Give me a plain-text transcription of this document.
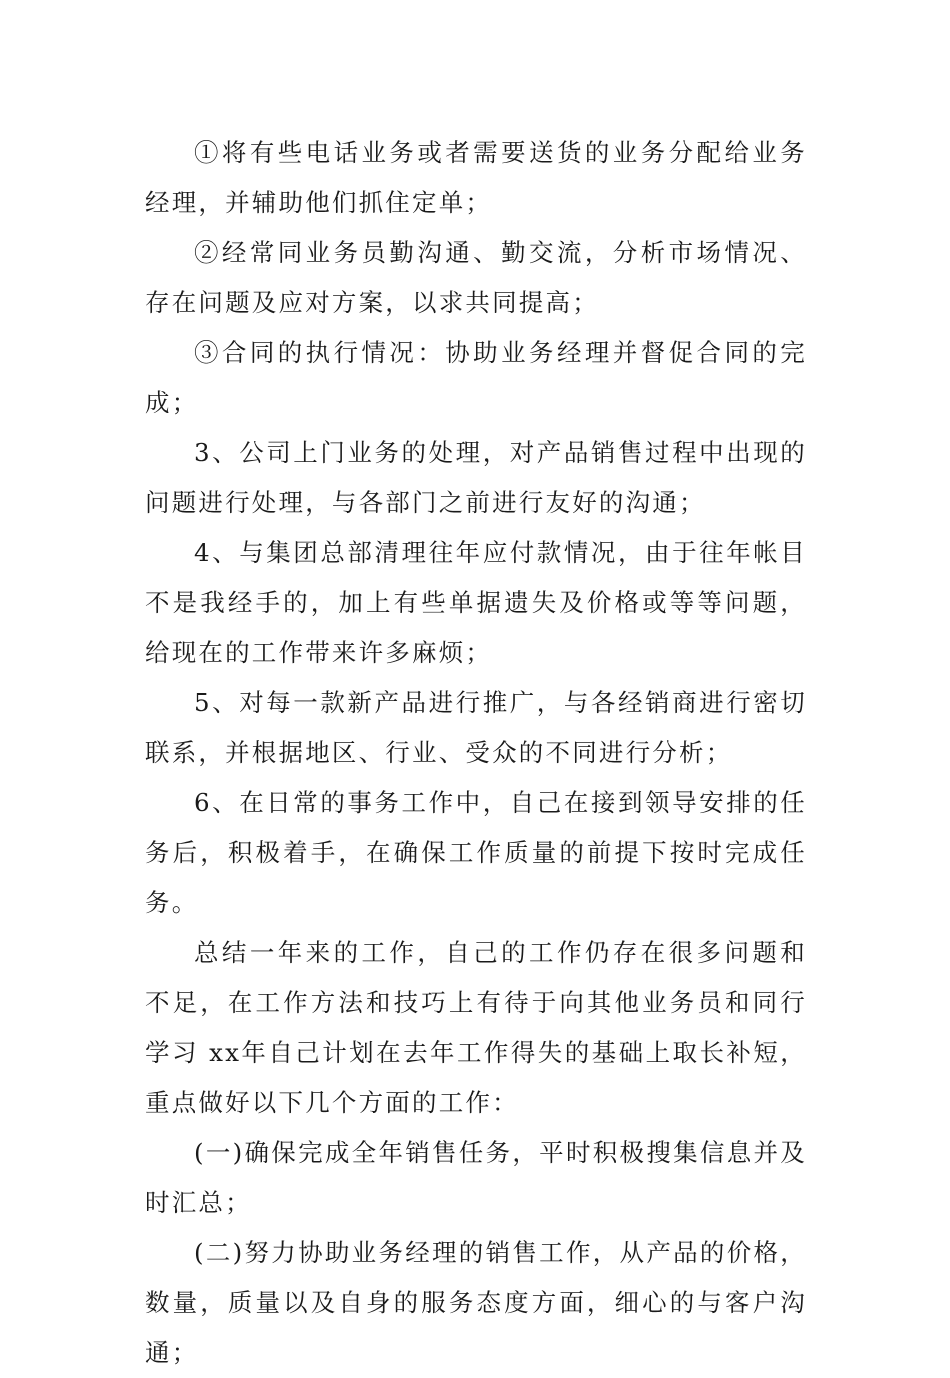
①将有些电话业务或者需要送货的业务分配给业务经理，并辅助他们抓住定单；

②经常同业务员勤沟通、勤交流，分析市场情况、存在问题及应对方案，以求共同提高；

③合同的执行情况：协助业务经理并督促合同的完成；

3、公司上门业务的处理，对产品销售过程中出现的问题进行处理，与各部门之前进行友好的沟通；

4、与集团总部清理往年应付款情况，由于往年帐目不是我经手的，加上有些单据遗失及价格或等等问题，给现在的工作带来许多麻烦；

5、对每一款新产品进行推广，与各经销商进行密切联系，并根据地区、行业、受众的不同进行分析；

6、在日常的事务工作中，自己在接到领导安排的任务后，积极着手，在确保工作质量的前提下按时完成任务。

总结一年来的工作，自己的工作仍存在很多问题和不足，在工作方法和技巧上有待于向其他业务员和同行学习 xx年自己计划在去年工作得失的基础上取长补短，重点做好以下几个方面的工作：

(一)确保完成全年销售任务，平时积极搜集信息并及时汇总；

(二)努力协助业务经理的销售工作，从产品的价格，数量，质量以及自身的服务态度方面，细心的与客户沟通；
